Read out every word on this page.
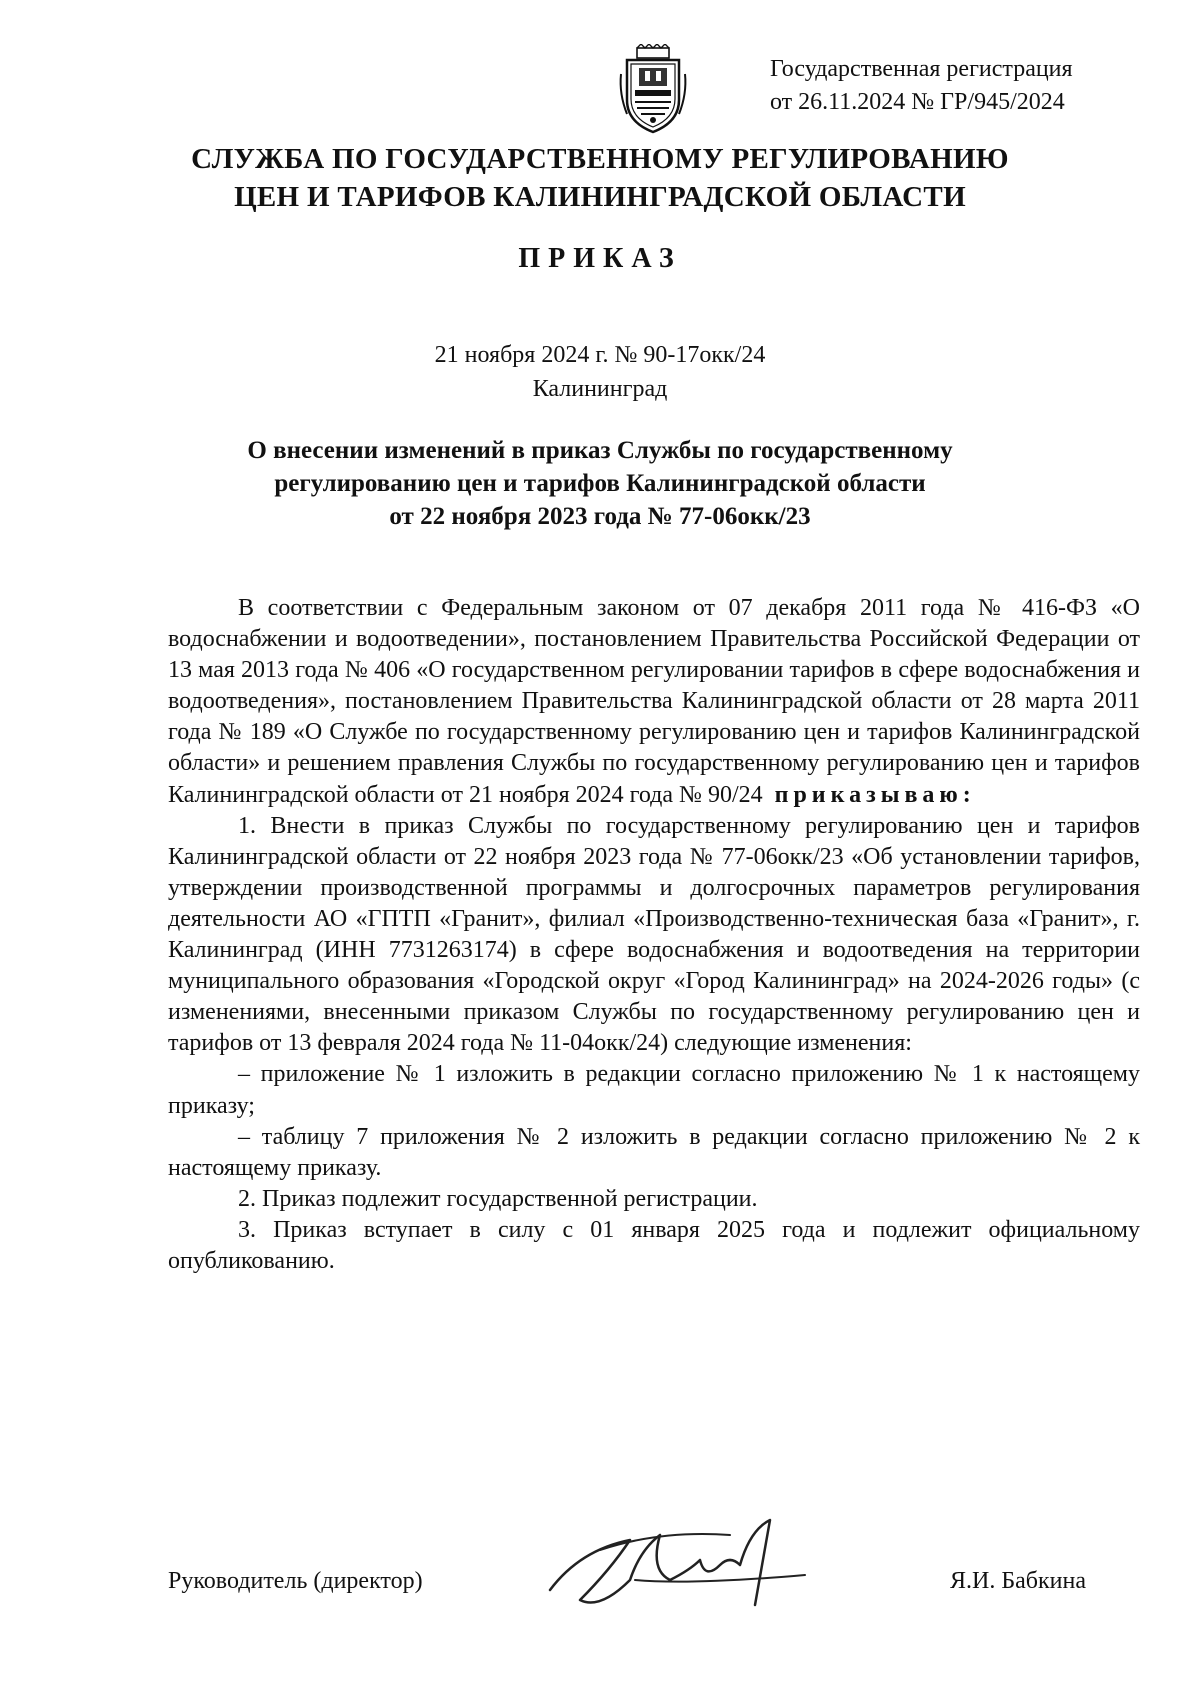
Государственная регистрация
от 26.11.2024 № ГР/945/2024
СЛУЖБА ПО ГОСУДАРСТВЕННОМУ РЕГУЛИРОВАНИЮ
ЦЕН И ТАРИФОВ КАЛИНИНГРАДСКОЙ ОБЛАСТИ
ПРИКАЗ
21 ноября 2024 г. № 90-17окк/24
Калининград
О внесении изменений в приказ Службы по государственному
регулированию цен и тарифов Калининградской области
от 22 ноября 2023 года № 77-06окк/23

В соответствии с Федеральным законом от 07 декабря 2011 года № 416-ФЗ «О водоснабжении и водоотведении», постановлением Правительства Российской Федерации от 13 мая 2013 года № 406 «О государственном регулировании тарифов в сфере водоснабжения и водоотведения», постановлением Правительства Калининградской области от 28 марта 2011 года № 189 «О Службе по государственному регулированию цен и тарифов Калининградской области» и решением правления Службы по государственному регулированию цен и тарифов Калининградской области от 21 ноября 2024 года № 90/24 приказываю:

1. Внести в приказ Службы по государственному регулированию цен и тарифов Калининградской области от 22 ноября 2023 года № 77-06окк/23 «Об установлении тарифов, утверждении производственной программы и долгосрочных параметров регулирования деятельности АО «ГПТП «Гранит», филиал «Производственно-техническая база «Гранит», г. Калининград (ИНН 7731263174) в сфере водоснабжения и водоотведения на территории муниципального образования «Городской округ «Город Калининград» на 2024-2026 годы» (с изменениями, внесенными приказом Службы по государственному регулированию цен и тарифов от 13 февраля 2024 года № 11-04окк/24) следующие изменения:

– приложение № 1 изложить в редакции согласно приложению № 1 к настоящему приказу;

– таблицу 7 приложения № 2 изложить в редакции согласно приложению № 2 к настоящему приказу.

2. Приказ подлежит государственной регистрации.

3. Приказ вступает в силу с 01 января 2025 года и подлежит официальному опубликованию.

Руководитель (директор)	Я.И. Бабкина
